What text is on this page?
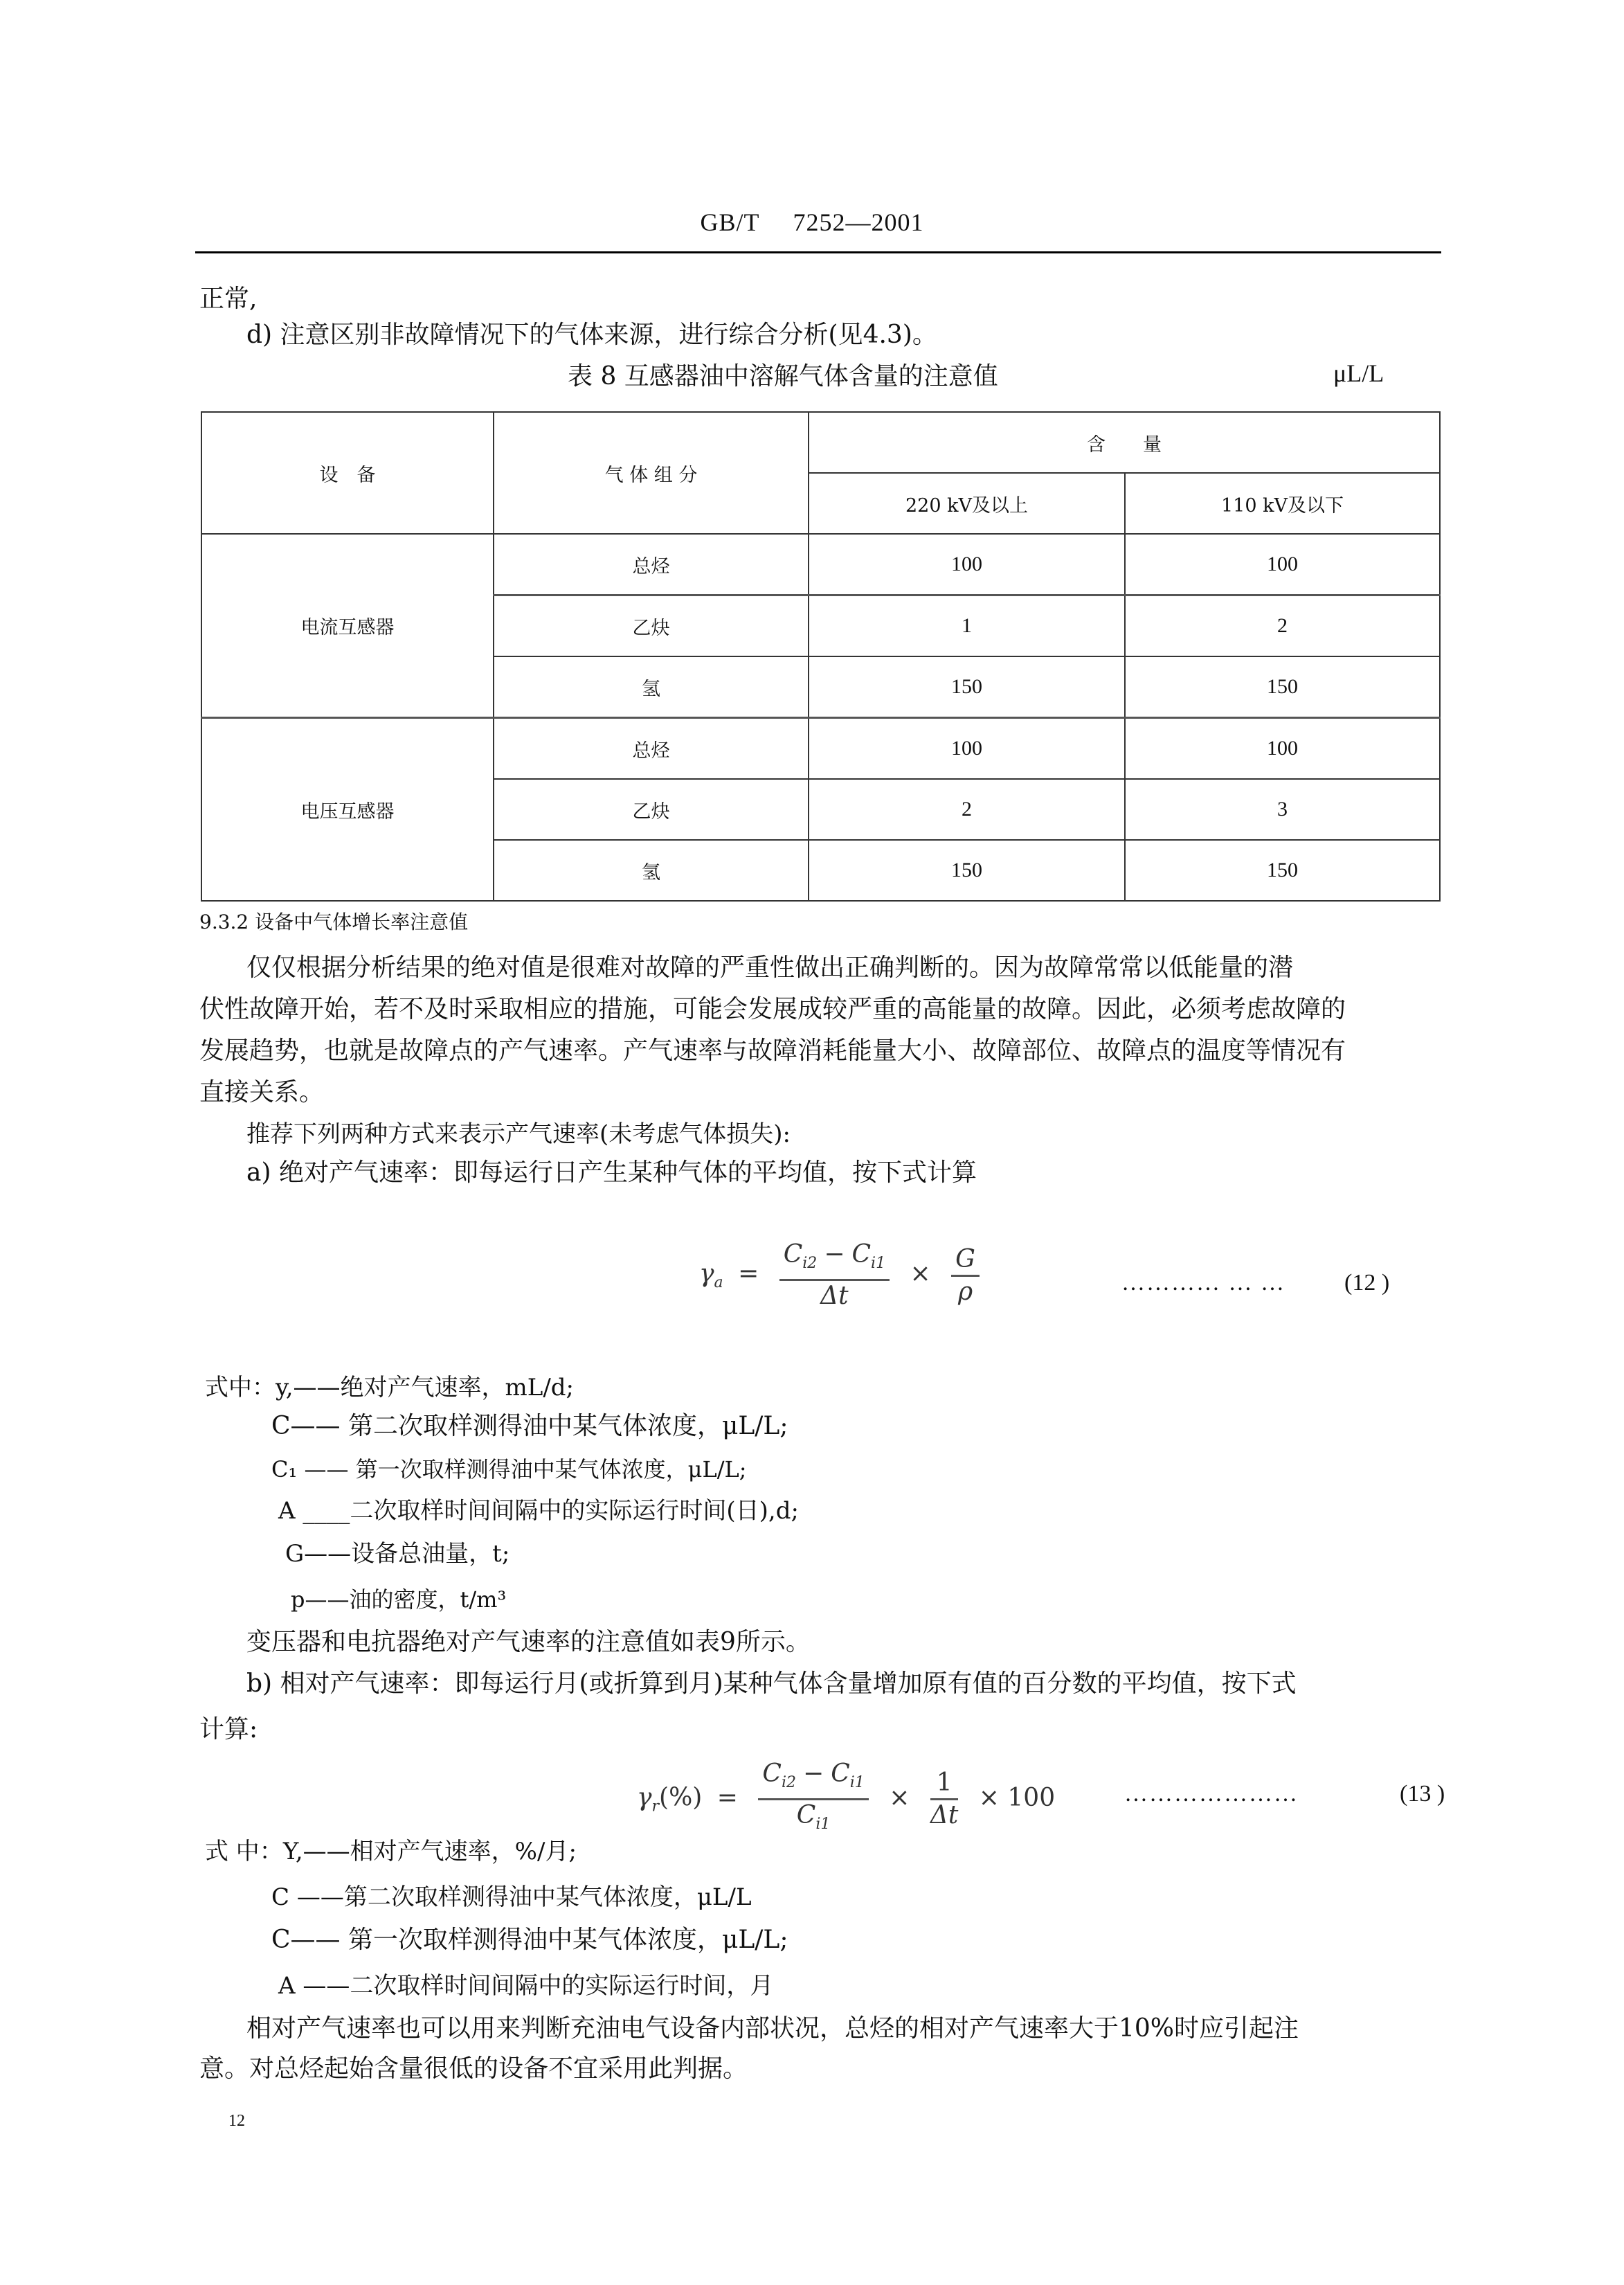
GB/T 7252—2001
正常,
d) 注意区别非故障情况下的气体来源，进行综合分析(见4.3)。
表 8 互感器油中溶解气体含量的注意值	μL/L
设　备	气 体 组 分	含　　量	
		220 kV及以上	110 kV及以下
电流互感器	总烃	100	100
	乙炔	1	2
	氢	150	150
电压互感器	总烃	100	100
	乙炔	2	3
	氢	150	150
9.3.2 设备中气体增长率注意值
仅仅根据分析结果的绝对值是很难对故障的严重性做出正确判断的。因为故障常常以低能量的潜
伏性故障开始，若不及时采取相应的措施，可能会发展成较严重的高能量的故障。因此，必须考虑故障的
发展趋势，也就是故障点的产气速率。产气速率与故障消耗能量大小、故障部位、故障点的温度等情况有
直接关系。
推荐下列两种方式来表示产气速率(未考虑气体损失):
a) 绝对产气速率：即每运行日产生某种气体的平均值，按下式计算
$\gamma_a = \frac{C_{i2} - C_{i1}}{\Delta t} \times \frac{G}{\rho}$	………… … …	(12 )
式中：y,——绝对产气速率，mL/d;
C—— 第二次取样测得油中某气体浓度，μL/L;
C₁ —— 第一次取样测得油中某气体浓度，μL/L;
A ____二次取样时间间隔中的实际运行时间(日),d;
G——设备总油量，t;
p——油的密度，t/m³
变压器和电抗器绝对产气速率的注意值如表9所示。
b) 相对产气速率：即每运行月(或折算到月)某种气体含量增加原有值的百分数的平均值，按下式
计算:
$\gamma_r(\%) = \frac{C_{i2} - C_{i1}}{C_{i1}} \times \frac{1}{\Delta t} \times 100$	…………………	(13 )
式 中：Y,——相对产气速率，%/月;
C ——第二次取样测得油中某气体浓度，μL/L
C—— 第一次取样测得油中某气体浓度，μL/L;
A ——二次取样时间间隔中的实际运行时间，月
相对产气速率也可以用来判断充油电气设备内部状况，总烃的相对产气速率大于10%时应引起注
意。对总烃起始含量很低的设备不宜采用此判据。
12
